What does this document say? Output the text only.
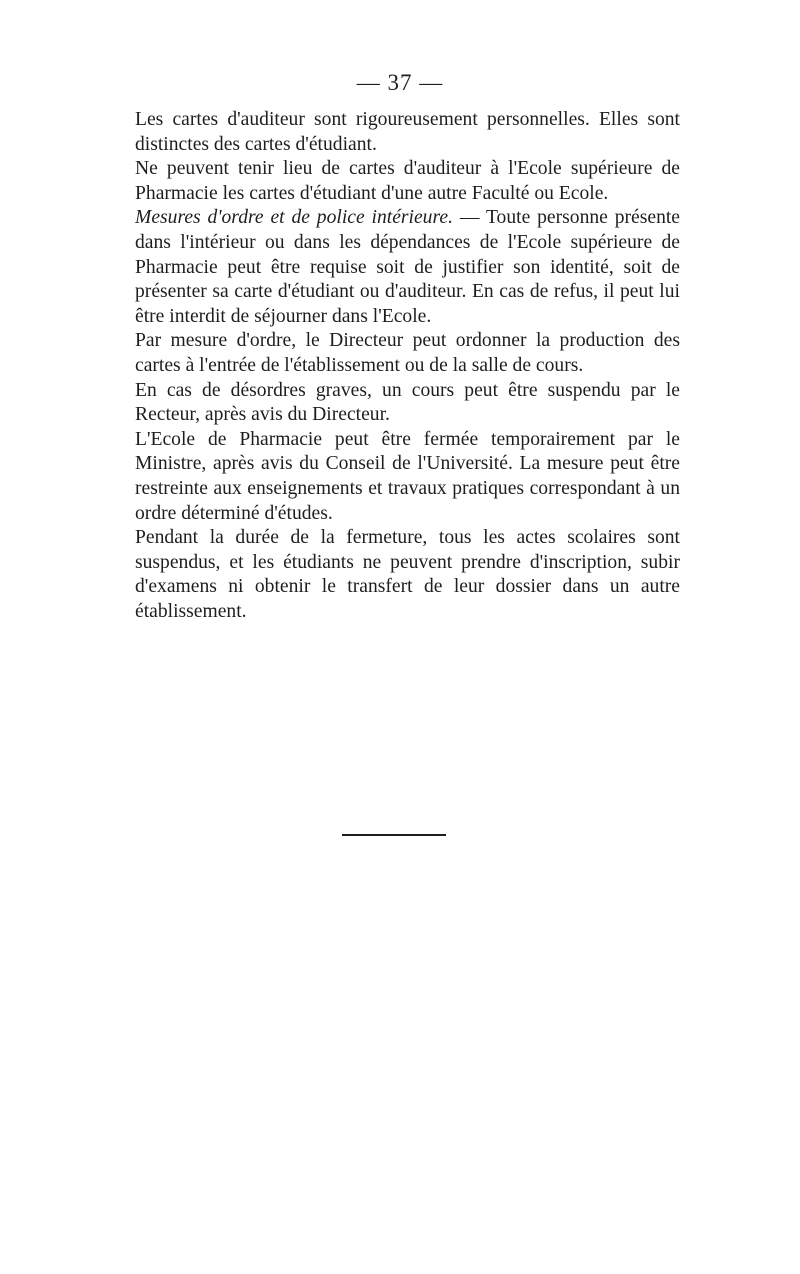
— 37 —

Les cartes d'auditeur sont rigoureusement personnelles. Elles sont distinctes des cartes d'étudiant.

Ne peuvent tenir lieu de cartes d'auditeur à l'Ecole supérieure de Pharmacie les cartes d'étudiant d'une autre Faculté ou Ecole.

Mesures d'ordre et de police intérieure. — Toute personne présente dans l'intérieur ou dans les dépendances de l'Ecole supérieure de Pharmacie peut être requise soit de justifier son identité, soit de présenter sa carte d'étudiant ou d'auditeur. En cas de refus, il peut lui être interdit de séjourner dans l'Ecole.

Par mesure d'ordre, le Directeur peut ordonner la production des cartes à l'entrée de l'établissement ou de la salle de cours.

En cas de désordres graves, un cours peut être suspendu par le Recteur, après avis du Directeur.

L'Ecole de Pharmacie peut être fermée temporairement par le Ministre, après avis du Conseil de l'Université. La mesure peut être restreinte aux enseignements et travaux pratiques correspondant à un ordre déterminé d'études.

Pendant la durée de la fermeture, tous les actes scolaires sont suspendus, et les étudiants ne peuvent prendre d'inscription, subir d'examens ni obtenir le transfert de leur dossier dans un autre établissement.
